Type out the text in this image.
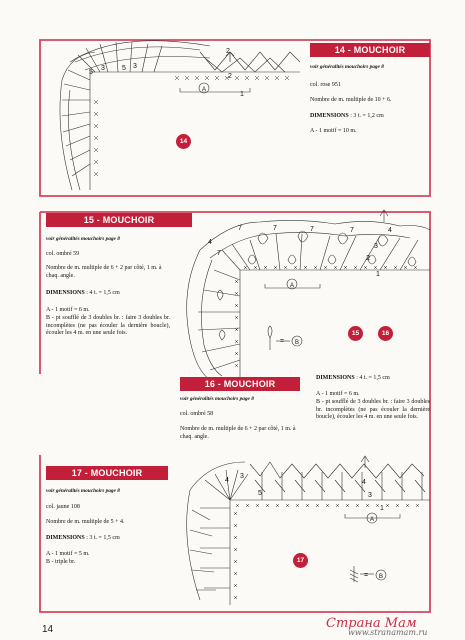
5 3
3
5
2
2
1
A
7	7	7	7	4
3
2
1
7
4
A
= B
5
4
3
4
3
1
A
= B
14 - MOUCHOIR
voir généralités mouchoirs page 8
col. rose 951
Nombre de m. multiple de 10 + 6.
DIMENSIONS : 3 t. = 1,2 cm
A - 1 motif = 10 m.
14
15 - MOUCHOIR
voir généralités mouchoirs page 8
col. ombré 59
Nombre de m. multiple de 6 + 2 par côté, 1 m. à chaq. angle.
DIMENSIONS : 4 t. = 1,5 cm
A - 1 motif = 6 m.
B - pt soufflé de 3 doubles br. : faire 3 doubles br. incomplètes (ne pas écouler la dernière boucle), écouler les 4 m. en une seule fois.	15	16
16 - MOUCHOIR
voir généralités mouchoirs page 8
col. ombré 58
Nombre de m. multiple de 6 + 2 par côté, 1 m. à chaq. angle.
DIMENSIONS : 4 t. = 1,5 cm
A - 1 motif = 6 m.
B - pt soufflé de 3 doubles br. : faire 3 doubles br. incomplètes (ne pas écouler la dernière boucle), écouler les 4 m. en une seule fois.
17 - MOUCHOIR
voir généralités mouchoirs page 8
col. jaune 108
Nombre de m. multiple de 5 + 4.
DIMENSIONS : 3 t. = 1,5 cm
A - 1 motif = 5 m.
B - triple br.	17
14	Страна Мам
www.stranamam.ru
